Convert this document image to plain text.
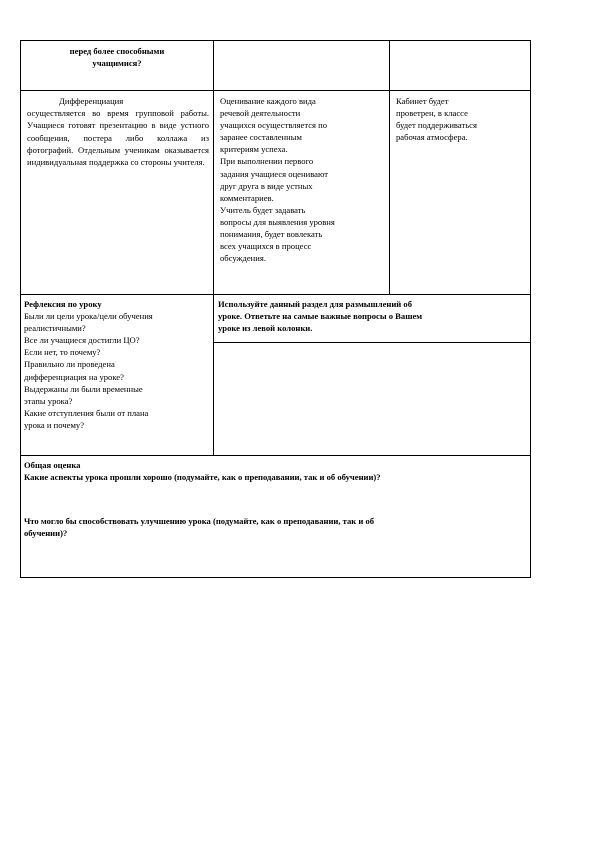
перед более способными
учащимися?
Дифференциация
осуществляется во время групповой работы. Учащиеся готовят презентацию в виде устного сообщения, постера либо коллажа из фотографий. Отдельным ученикам оказывается индивидуальная поддержка со стороны учителя.
Оценивание каждого вида
речевой деятельности
учащихся осуществляется по
заранее составленным
критериям успеха.
При выполнении первого
задания учащиеся оценивают
друг друга в виде устных
комментариев.
Учитель будет задавать
вопросы для выявления уровня
понимания, будет вовлекать
всех учащихся в процесс
обсуждения.
Кабинет будет
проветрен, в классе
будет поддерживаться
рабочая атмосфера.
Рефлексия по уроку
Были ли цели урока/цели обучения
реалистичными?
Все ли учащиеся достигли ЦО?
Если нет, то почему?
Правильно ли проведена
дифференциация на уроке?
Выдержаны ли были временные
этапы урока?
Какие отступления были от плана
урока и почему?
Используйте данный раздел для размышлений об
уроке. Ответьте на самые важные вопросы о Вашем
уроке из левой колонки.
Общая оценка
Какие аспекты урока прошли хорошо (подумайте, как о преподавании, так и об обучении)?
Что могло бы способствовать улучшению урока (подумайте, как о преподавании, так и об
обучении)?
